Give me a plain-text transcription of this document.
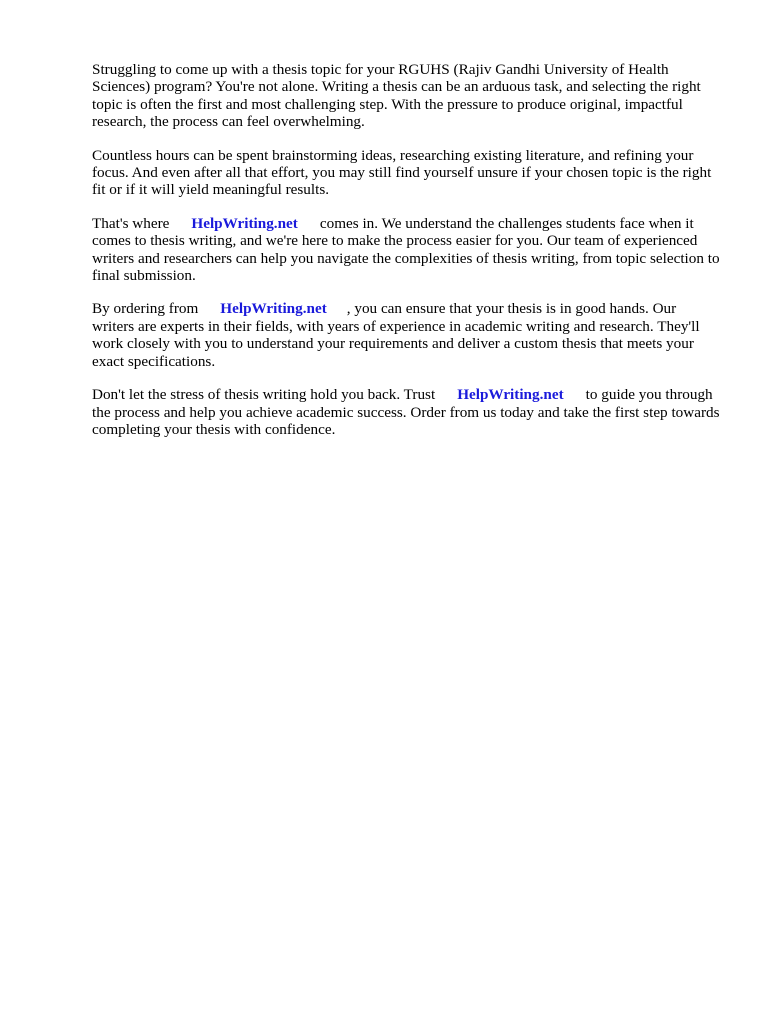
Struggling to come up with a thesis topic for your RGUHS (Rajiv Gandhi University of Health Sciences) program? You're not alone. Writing a thesis can be an arduous task, and selecting the right topic is often the first and most challenging step. With the pressure to produce original, impactful research, the process can feel overwhelming.

Countless hours can be spent brainstorming ideas, researching existing literature, and refining your focus. And even after all that effort, you may still find yourself unsure if your chosen topic is the right fit or if it will yield meaningful results.

That's where HelpWriting.net comes in. We understand the challenges students face when it comes to thesis writing, and we're here to make the process easier for you. Our team of experienced writers and researchers can help you navigate the complexities of thesis writing, from topic selection to final submission.

By ordering from HelpWriting.net , you can ensure that your thesis is in good hands. Our writers are experts in their fields, with years of experience in academic writing and research. They'll work closely with you to understand your requirements and deliver a custom thesis that meets your exact specifications.

Don't let the stress of thesis writing hold you back. Trust HelpWriting.net to guide you through the process and help you achieve academic success. Order from us today and take the first step towards completing your thesis with confidence.
